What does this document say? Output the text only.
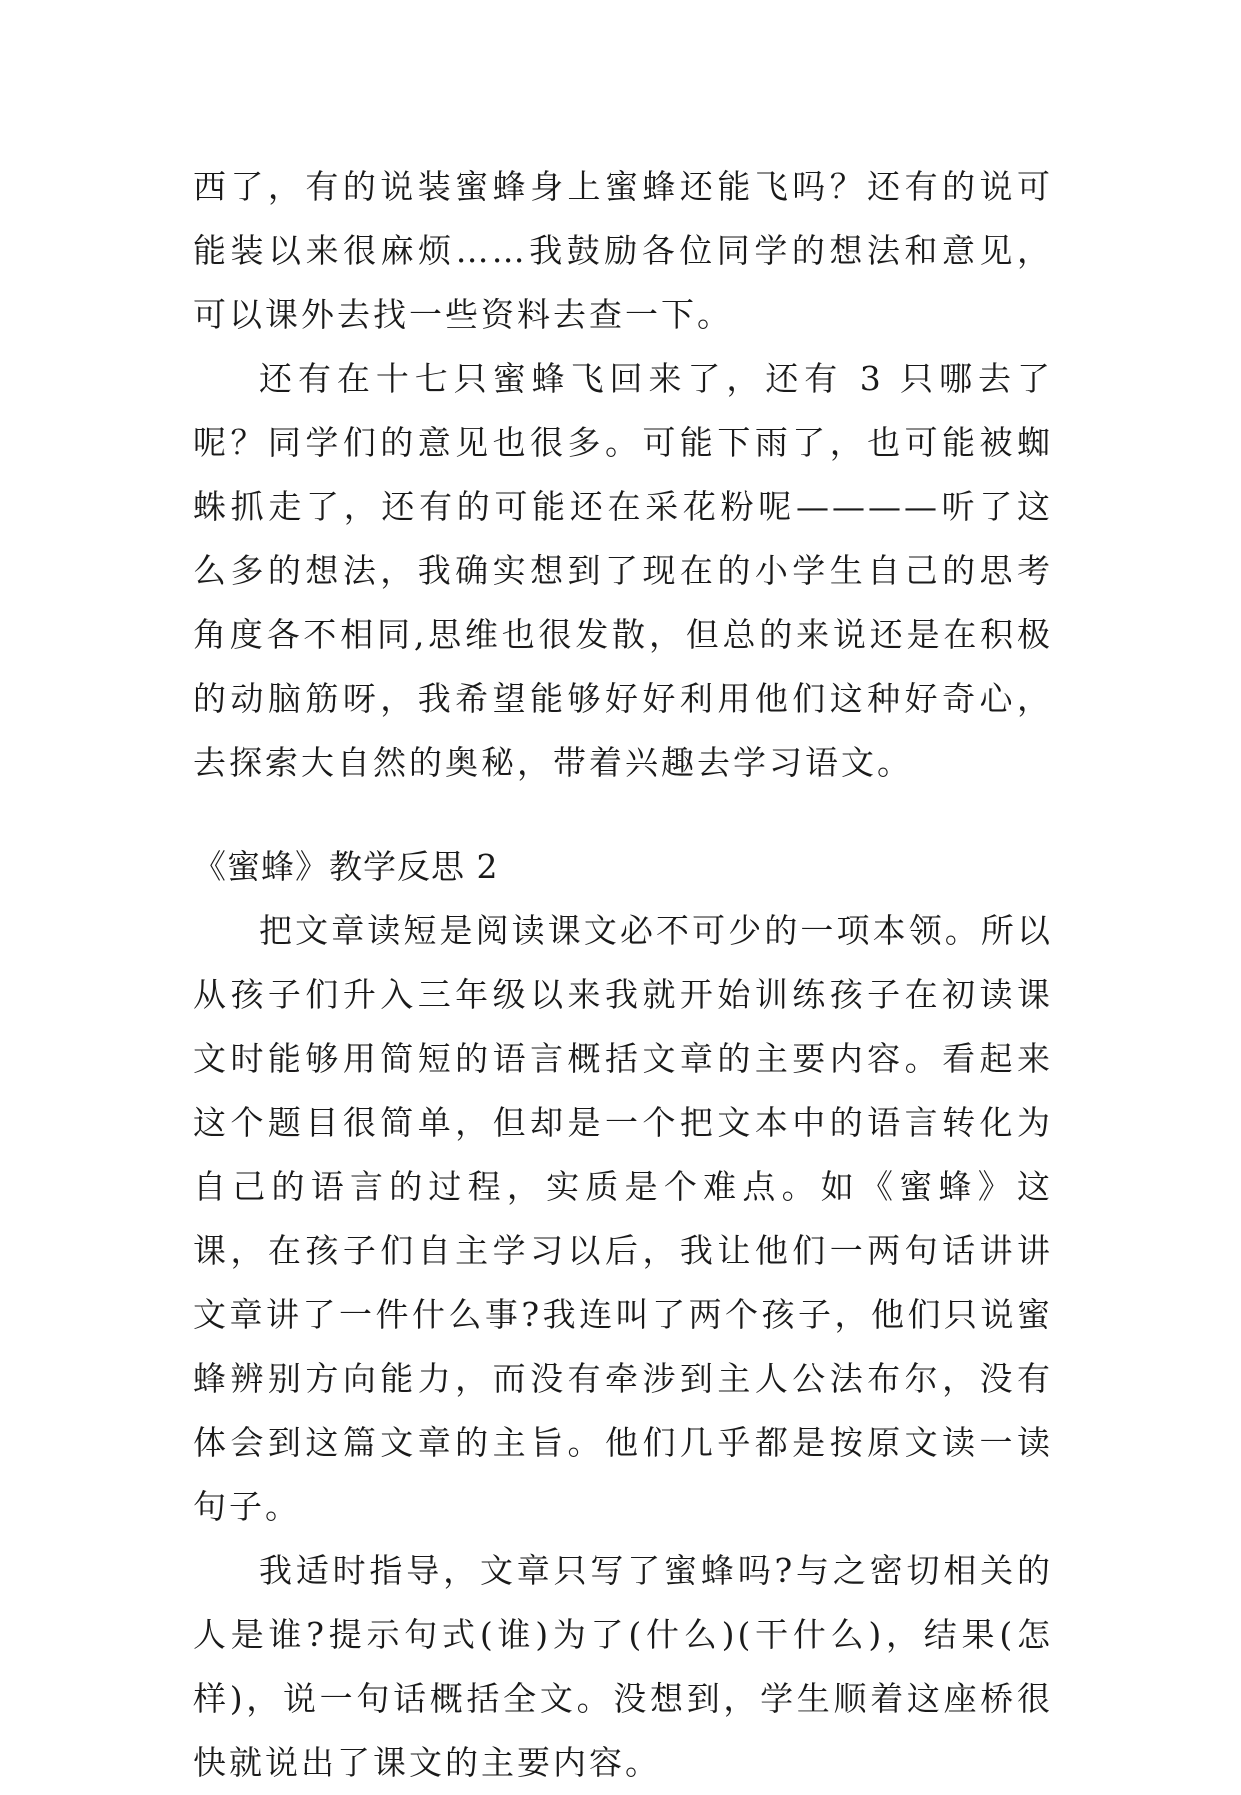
西了，有的说装蜜蜂身上蜜蜂还能飞吗？还有的说可能装以来很麻烦……我鼓励各位同学的想法和意见，可以课外去找一些资料去查一下。

还有在十七只蜜蜂飞回来了，还有 3 只哪去了呢？同学们的意见也很多。可能下雨了，也可能被蜘蛛抓走了，还有的可能还在采花粉呢————听了这么多的想法，我确实想到了现在的小学生自己的思考角度各不相同,思维也很发散，但总的来说还是在积极的动脑筋呀，我希望能够好好利用他们这种好奇心，去探索大自然的奥秘，带着兴趣去学习语文。

《蜜蜂》教学反思 2

把文章读短是阅读课文必不可少的一项本领。所以从孩子们升入三年级以来我就开始训练孩子在初读课文时能够用简短的语言概括文章的主要内容。看起来这个题目很简单，但却是一个把文本中的语言转化为自己的语言的过程，实质是个难点。如《蜜蜂》这课，在孩子们自主学习以后，我让他们一两句话讲讲文章讲了一件什么事?我连叫了两个孩子，他们只说蜜蜂辨别方向能力，而没有牵涉到主人公法布尔，没有体会到这篇文章的主旨。他们几乎都是按原文读一读句子。

我适时指导，文章只写了蜜蜂吗?与之密切相关的人是谁?提示句式(谁)为了(什么)(干什么)，结果(怎样)，说一句话概括全文。没想到，学生顺着这座桥很快就说出了课文的主要内容。
